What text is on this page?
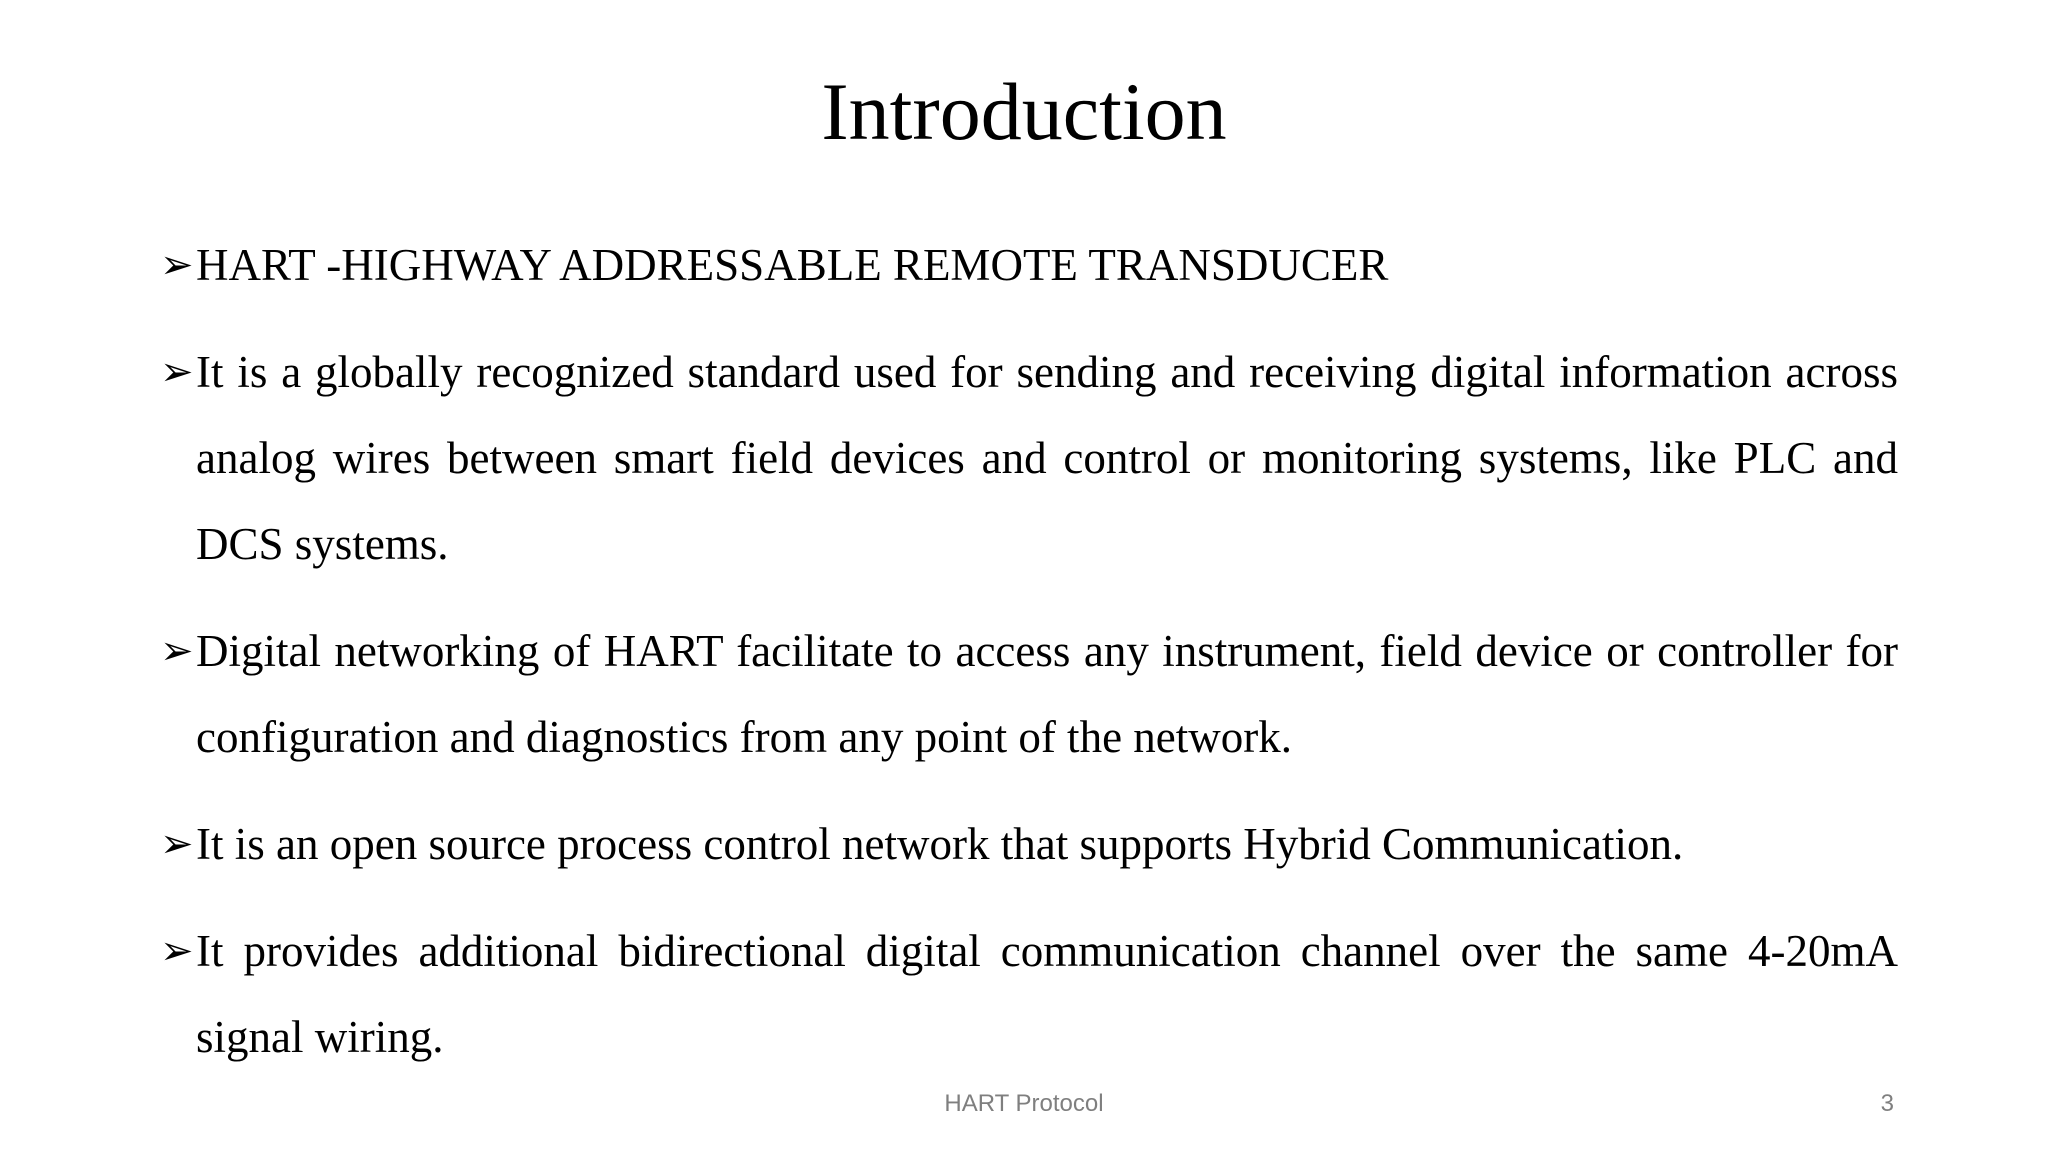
Introduction
➢ HART -HIGHWAY ADDRESSABLE REMOTE TRANSDUCER
➢ It is a globally recognized standard used for sending and receiving digital information across analog wires between smart field devices and control or monitoring systems, like PLC and DCS systems.
➢ Digital networking of HART facilitate to access any instrument, field device or controller for configuration and diagnostics from any point of the network.
➢ It is an open source process control network that supports Hybrid Communication.
➢ It provides additional bidirectional digital communication channel over the same 4-20mA signal wiring.
HART Protocol	3
